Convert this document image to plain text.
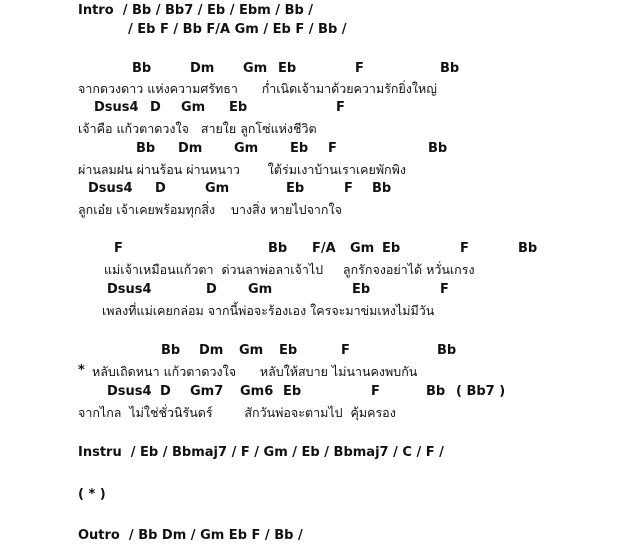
Intro  / Bb / Bb7 / Eb / Ebm / Bb /
/ Eb F / Bb F/A Gm / Eb F / Bb /
Bb	Dm Gm Eb	F	Bb
จากดวงดาว แห่งความศรัทธา      ก่ำเนิดเจ้ามาด้วยความรักยิ่งใหญ่
Dsus4 D Gm Eb	F
เจ้าคือ แก้วตาดวงใจ   สายใย ลูกโซ่แห่งชีวิต
Bb Dm Gm Eb F	Bb
ผ่านลมฝน ผ่านร้อน ผ่านหนาว       ใต้ร่มเงาบ้านเราเคยพักพิง
Dsus4 D	Gm	Eb	F Bb
ลูกเอ๋ย เจ้าเคยพร้อมทุกสิ่ง    บางสิ่ง หายไปจากใจ
F	Bb F/A Gm Eb	F	Bb
แม่เจ้าเหมือนแก้วตา  ด่วนลาพ่อลาเจ้าไป     ลูกรักจงอย่าได้ หวั่นเกรง
Dsus4	D Gm	Eb	F
เพลงที่แม่เคยกล่อม จากนี้พ่อจะร้องเอง ใครจะมาข่มเหงไม่มีวัน
Bb Dm Gm Eb	F	Bb
* หลับเถิดหนา แก้วตาดวงใจ      หลับให้สบาย ไม่นานคงพบกัน
Dsus4 D Gm7 Gm6 Eb	F	Bb ( Bb7 )
จากไกล  ไม่ใช่ชั่วนิรันดร์        สักวันพ่อจะตามไป  คุ้มครอง
Instru  / Eb / Bbmaj7 / F / Gm / Eb / Bbmaj7 / C / F /
( * )
Outro  / Bb Dm / Gm Eb F / Bb /
